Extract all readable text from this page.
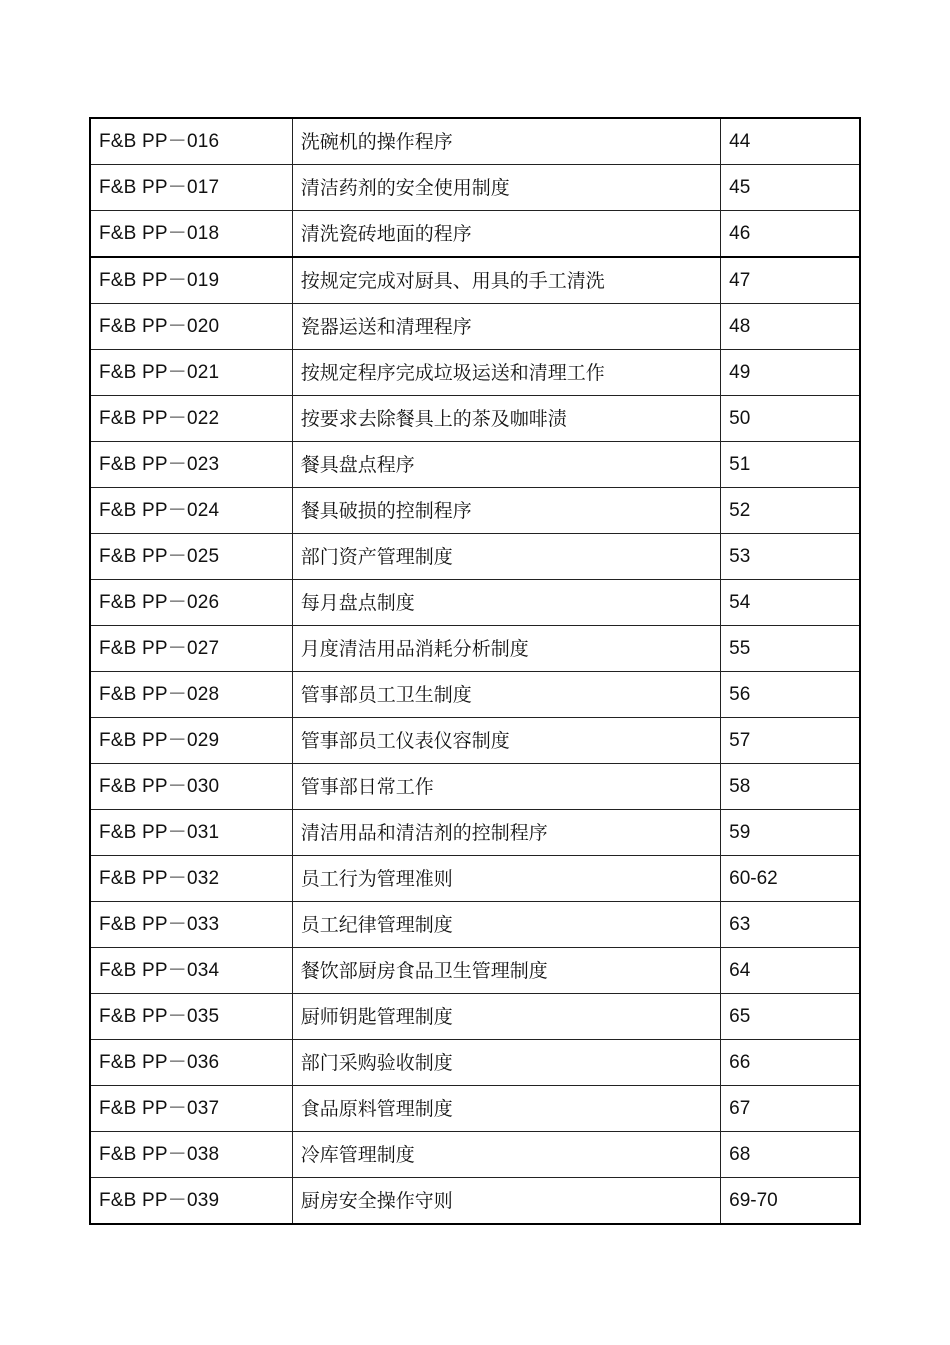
F&B PP－016	洗碗机的操作程序	44
F&B PP－017	清洁药剂的安全使用制度	45
F&B PP－018	清洗瓷砖地面的程序	46
F&B PP－019	按规定完成对厨具、用具的手工清洗	47
F&B PP－020	瓷器运送和清理程序	48
F&B PP－021	按规定程序完成垃圾运送和清理工作	49
F&B PP－022	按要求去除餐具上的茶及咖啡渍	50
F&B PP－023	餐具盘点程序	51
F&B PP－024	餐具破损的控制程序	52
F&B PP－025	部门资产管理制度	53
F&B PP－026	每月盘点制度	54
F&B PP－027	月度清洁用品消耗分析制度	55
F&B PP－028	管事部员工卫生制度	56
F&B PP－029	管事部员工仪表仪容制度	57
F&B PP－030	管事部日常工作	58
F&B PP－031	清洁用品和清洁剂的控制程序	59
F&B PP－032	员工行为管理准则	60-62
F&B PP－033	员工纪律管理制度	63
F&B PP－034	餐饮部厨房食品卫生管理制度	64
F&B PP－035	厨师钥匙管理制度	65
F&B PP－036	部门采购验收制度	66
F&B PP－037	食品原料管理制度	67
F&B PP－038	冷库管理制度	68
F&B PP－039	厨房安全操作守则	69-70
